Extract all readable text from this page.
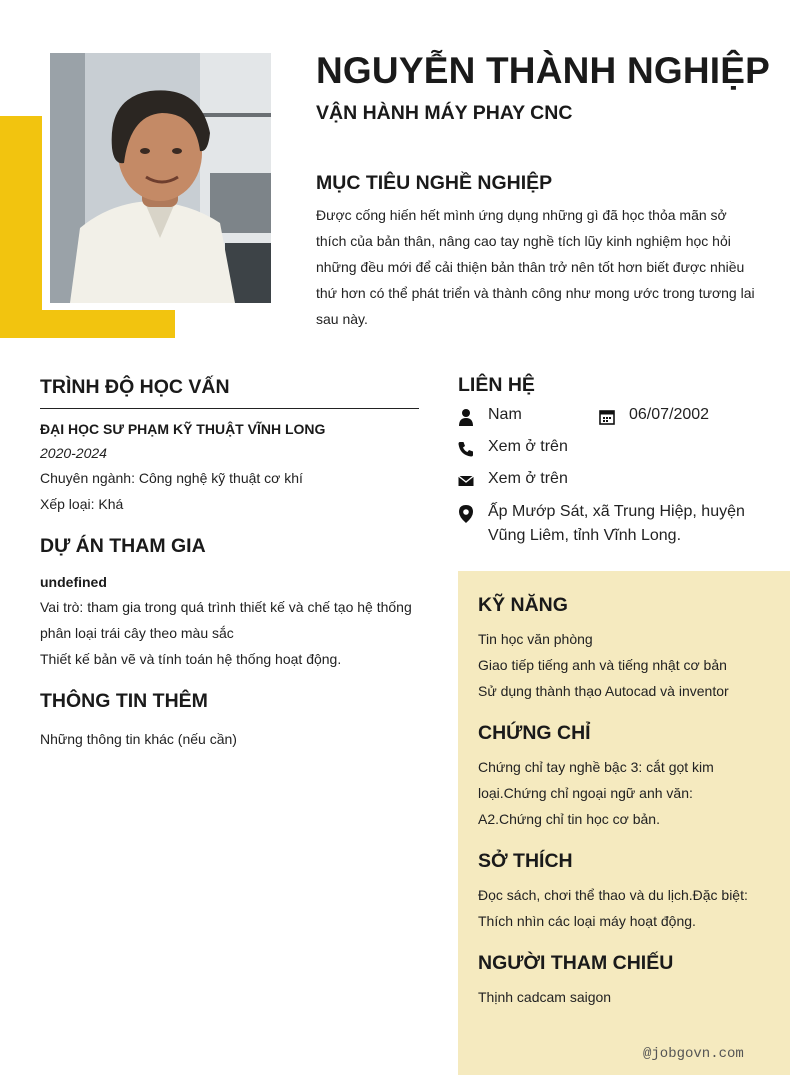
NGUYỄN THÀNH NGHIỆP
VẬN HÀNH MÁY PHAY CNC
MỤC TIÊU NGHỀ NGHIỆP
Được cống hiến hết mình ứng dụng những gì đã học thỏa mãn sở thích của bản thân, nâng cao tay nghề tích lũy kinh nghiệm học hỏi những đều mới để cải thiện bản thân trở nên tốt hơn biết được nhiều thứ hơn có thể phát triển và thành công như mong ước trong tương lai sau này.
TRÌNH ĐỘ HỌC VẤN
ĐẠI HỌC SƯ PHẠM KỸ THUẬT VĨNH LONG
2020-2024
Chuyên ngành: Công nghệ kỹ thuật cơ khí
Xếp loại: Khá
DỰ ÁN THAM GIA
undefined
Vai trò: tham gia trong quá trình thiết kế và chế tạo hệ thống phân loại trái cây theo màu sắc
Thiết kế bản vẽ và tính toán hệ thống hoạt động.
THÔNG TIN THÊM
Những thông tin khác (nếu cần)
LIÊN HỆ
Nam	06/07/2002
Xem ở trên
Xem ở trên
Ấp Mướp Sát, xã Trung Hiệp, huyện Vũng Liêm, tỉnh Vĩnh Long.
KỸ NĂNG
Tin học văn phòng
Giao tiếp tiếng anh và tiếng nhật cơ bản
Sử dụng thành thạo Autocad và inventor
CHỨNG CHỈ
Chứng chỉ tay nghề bậc 3: cắt gọt kim loại.Chứng chỉ ngoại ngữ anh văn: A2.Chứng chỉ tin học cơ bản.
SỞ THÍCH
Đọc sách, chơi thể thao và du lịch.Đặc biệt: Thích nhìn các loại máy hoạt động.
NGƯỜI THAM CHIẾU
Thịnh cadcam saigon
@jobgovn.com
